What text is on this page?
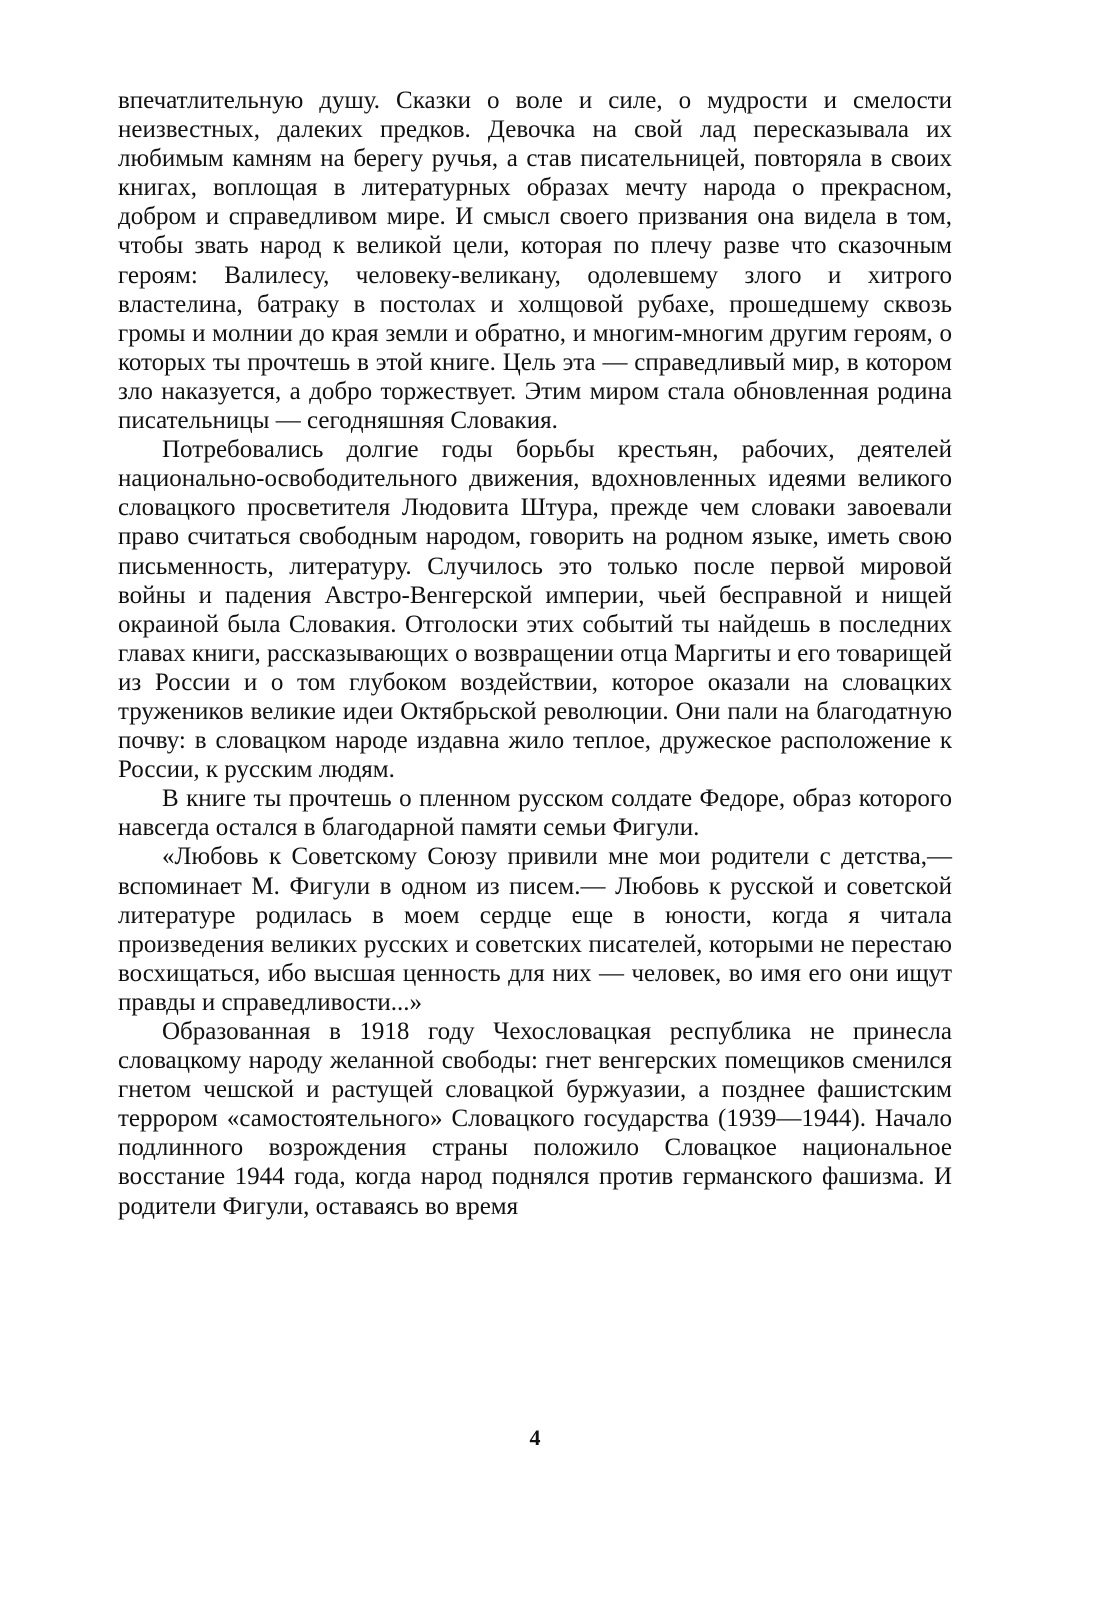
впечатлительную душу. Сказки о воле и силе, о мудрости и смелости неизвестных, далеких предков. Девочка на свой лад пересказывала их любимым камням на берегу ручья, а став писательницей, повторяла в своих книгах, воплощая в литературных образах мечту народа о прекрасном, добром и справедливом мире. И смысл своего призвания она видела в том, чтобы звать народ к великой цели, которая по плечу разве что сказочным героям: Валилесу, человеку-великану, одолевшему злого и хитрого властелина, батраку в постолах и холщовой рубахе, прошедшему сквозь громы и молнии до края земли и обратно, и многим-многим другим героям, о которых ты прочтешь в этой книге. Цель эта — справедливый мир, в котором зло наказуется, а добро торжествует. Этим миром стала обновленная родина писательницы — сегодняшняя Словакия.

Потребовались долгие годы борьбы крестьян, рабочих, деятелей национально-освободительного движения, вдохновленных идеями великого словацкого просветителя Людовита Штура, прежде чем словаки завоевали право считаться свободным народом, говорить на родном языке, иметь свою письменность, литературу. Случилось это только после первой мировой войны и падения Австро-Венгерской империи, чьей бесправной и нищей окраиной была Словакия. Отголоски этих событий ты найдешь в последних главах книги, рассказывающих о возвращении отца Маргиты и его товарищей из России и о том глубоком воздействии, которое оказали на словацких тружеников великие идеи Октябрьской революции. Они пали на благодатную почву: в словацком народе издавна жило теплое, дружеское расположение к России, к русским людям.

В книге ты прочтешь о пленном русском солдате Федоре, образ которого навсегда остался в благодарной памяти семьи Фигули.

«Любовь к Советскому Союзу привили мне мои родители с детства,— вспоминает М. Фигули в одном из писем.— Любовь к русской и советской литературе родилась в моем сердце еще в юности, когда я читала произведения великих русских и советских писателей, которыми не перестаю восхищаться, ибо высшая ценность для них — человек, во имя его они ищут правды и справедливости...»

Образованная в 1918 году Чехословацкая республика не принесла словацкому народу желанной свободы: гнет венгерских помещиков сменился гнетом чешской и растущей словацкой буржуазии, а позднее фашистским террором «самостоятельного» Словацкого государства (1939—1944). Начало подлинного возрождения страны положило Словацкое национальное восстание 1944 года, когда народ поднялся против германского фашизма. И родители Фигули, оставаясь во время

4
